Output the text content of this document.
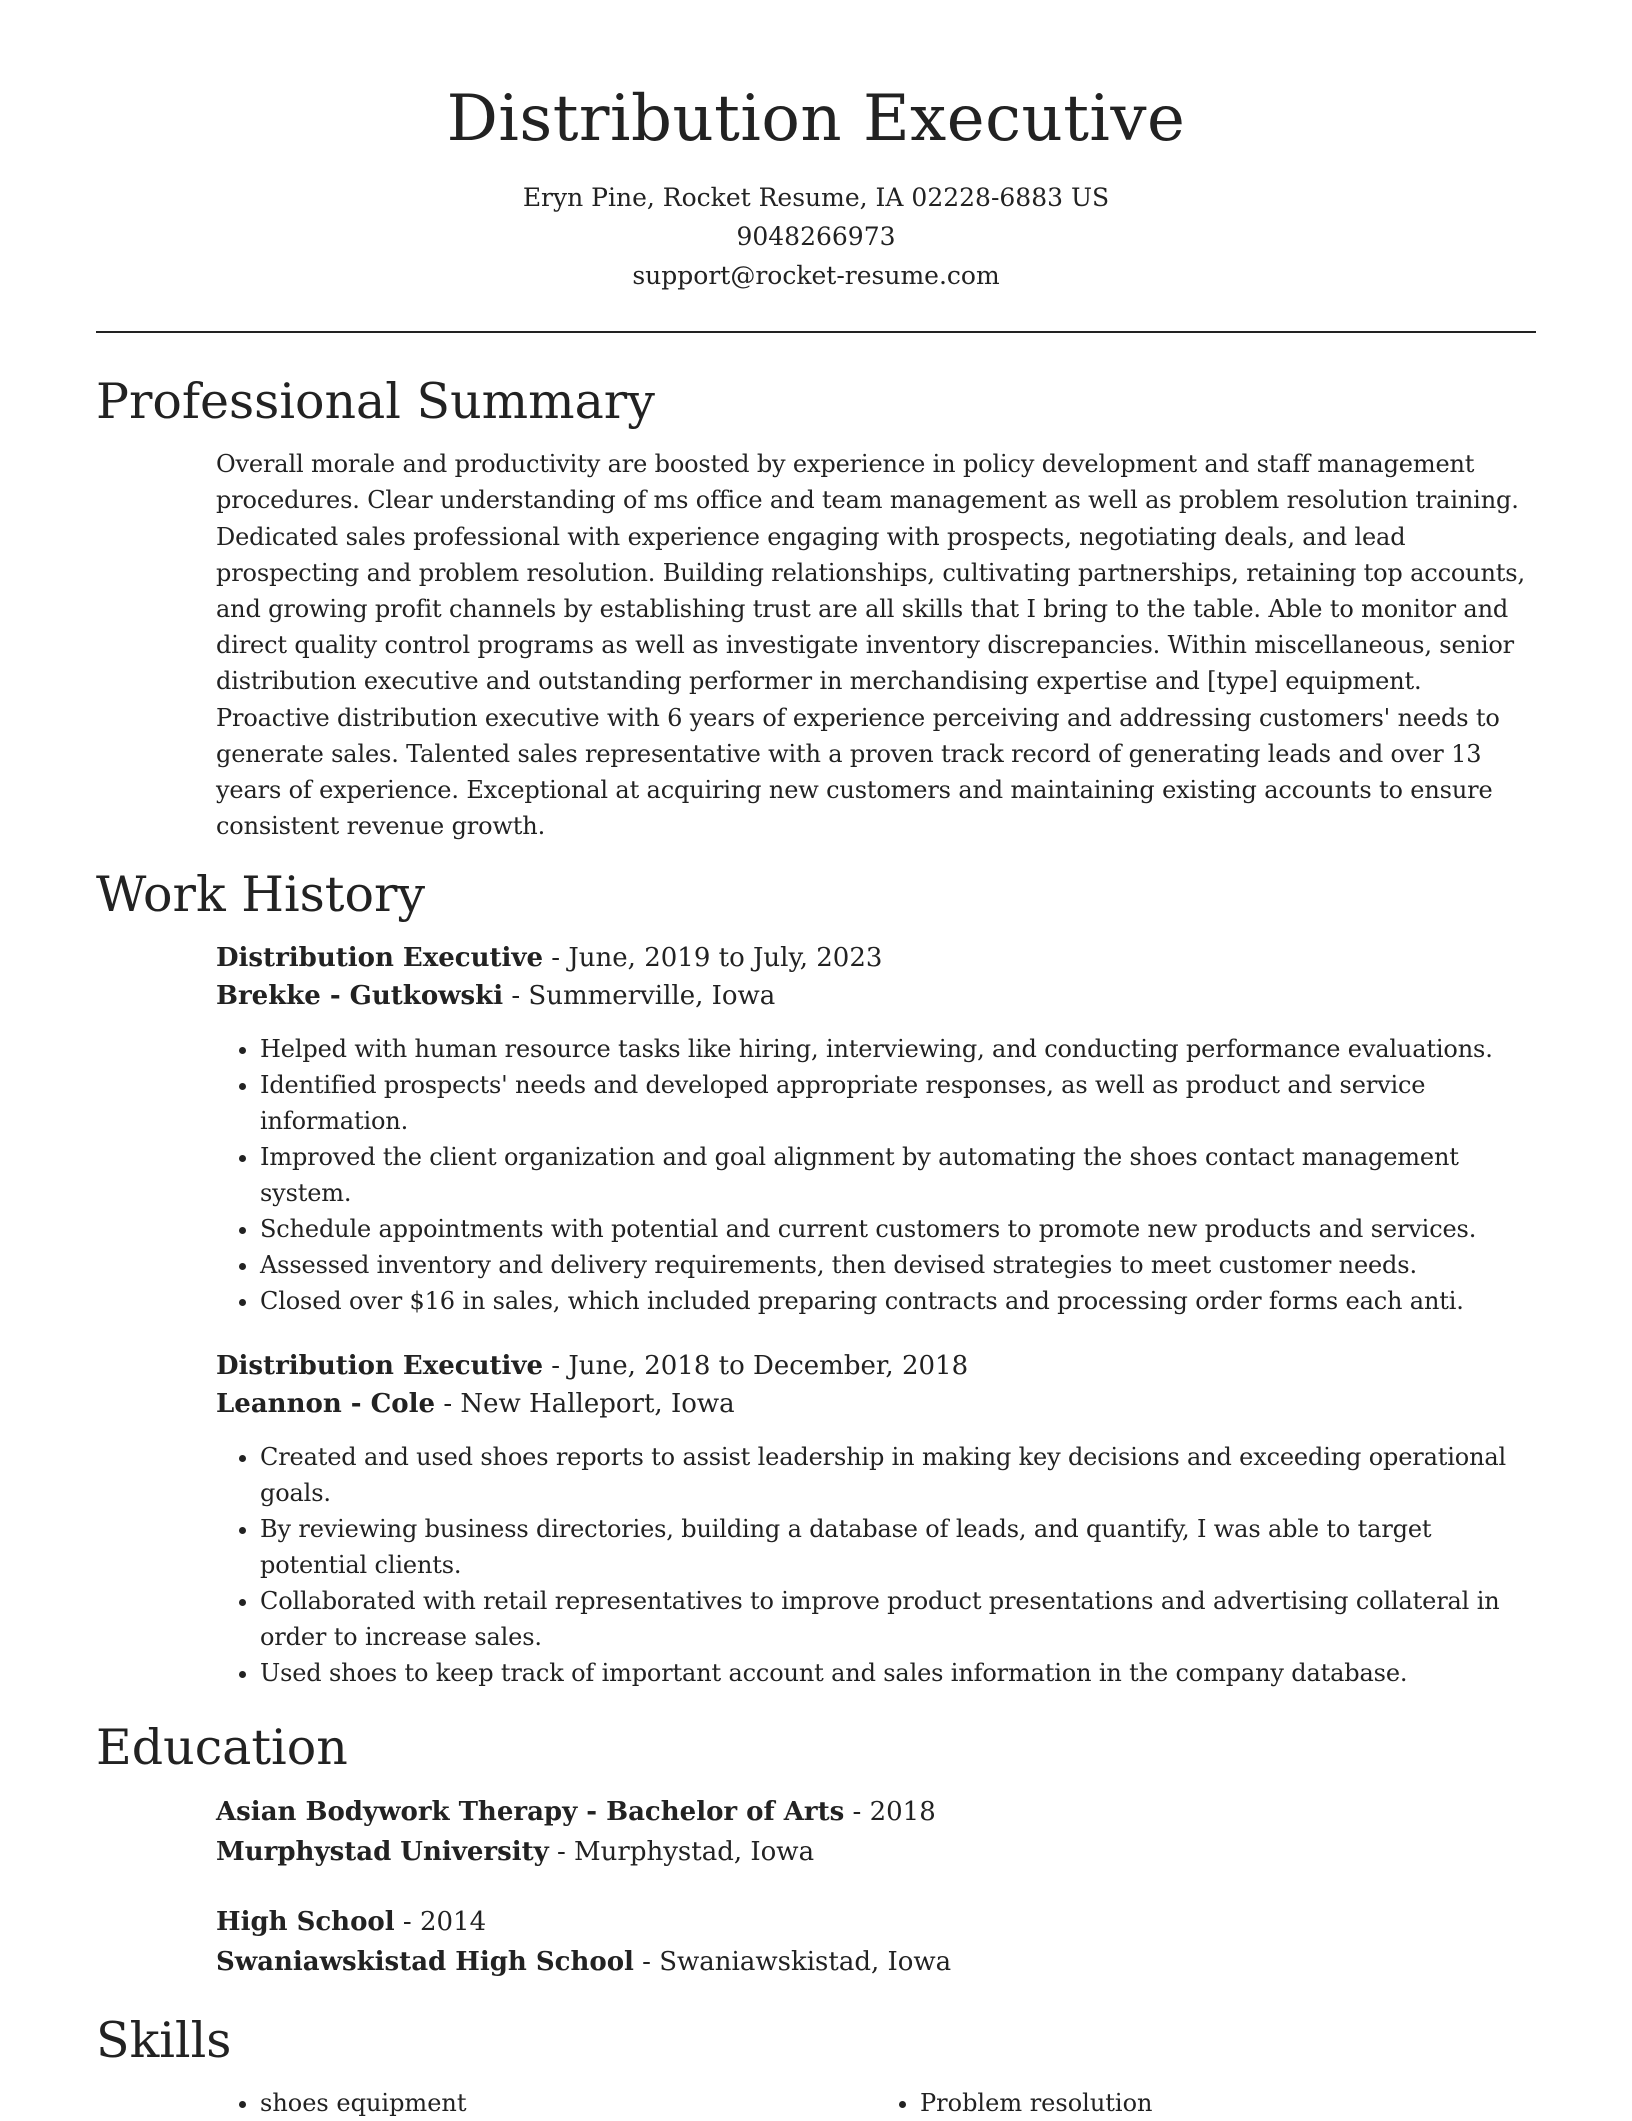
Distribution Executive
Eryn Pine, Rocket Resume, IA 02228-6883 US
9048266973
support@rocket-resume.com
Professional Summary

Overall morale and productivity are boosted by experience in policy development and staff management procedures. Clear understanding of ms office and team management as well as problem resolution training. Dedicated sales professional with experience engaging with prospects, negotiating deals, and lead prospecting and problem resolution. Building relationships, cultivating partnerships, retaining top accounts, and growing profit channels by establishing trust are all skills that I bring to the table. Able to monitor and direct quality control programs as well as investigate inventory discrepancies. Within miscellaneous, senior distribution executive and outstanding performer in merchandising expertise and [type] equipment. Proactive distribution executive with 6 years of experience perceiving and addressing customers' needs to generate sales. Talented sales representative with a proven track record of generating leads and over 13 years of experience. Exceptional at acquiring new customers and maintaining existing accounts to ensure consistent revenue growth.

Work History
Distribution Executive - June, 2019 to July, 2023
Brekke - Gutkowski - Summerville, Iowa
• Helped with human resource tasks like hiring, interviewing, and conducting performance evaluations.
• Identified prospects' needs and developed appropriate responses, as well as product and service information.
• Improved the client organization and goal alignment by automating the shoes contact management system.
• Schedule appointments with potential and current customers to promote new products and services.
• Assessed inventory and delivery requirements, then devised strategies to meet customer needs.
• Closed over $16 in sales, which included preparing contracts and processing order forms each anti.
Distribution Executive - June, 2018 to December, 2018
Leannon - Cole - New Halleport, Iowa
• Created and used shoes reports to assist leadership in making key decisions and exceeding operational goals.
• By reviewing business directories, building a database of leads, and quantify, I was able to target potential clients.
• Collaborated with retail representatives to improve product presentations and advertising collateral in order to increase sales.
• Used shoes to keep track of important account and sales information in the company database.
Education
Asian Bodywork Therapy - Bachelor of Arts - 2018
Murphystad University - Murphystad, Iowa
High School - 2014
Swaniawskistad High School - Swaniawskistad, Iowa
Skills
• shoes equipment
•	Problem resolution
